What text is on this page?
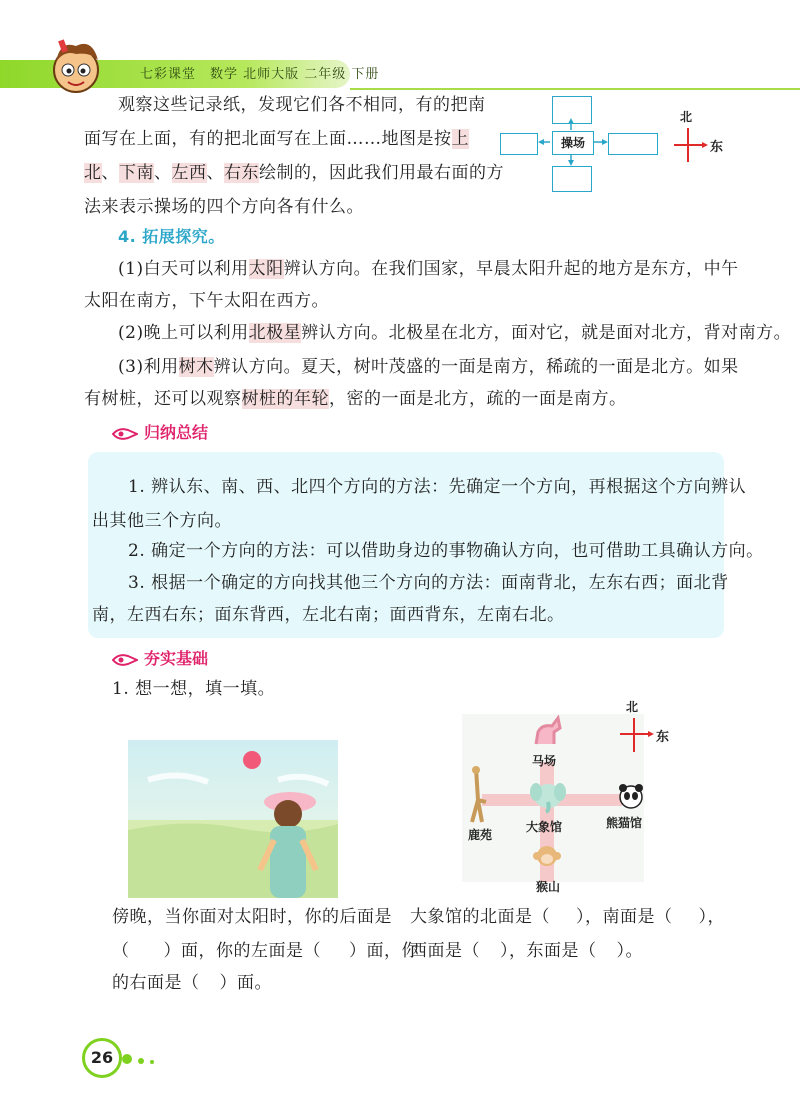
七彩课堂　数学 北师大版 二年级 下册
观察这些记录纸，发现它们各不相同，有的把南
面写在上面，有的把北面写在上面……地图是按上
北、下南、左西、右东绘制的，因此我们用最右面的方
法来表示操场的四个方向各有什么。
操场
北
东
4. 拓展探究。
(1)白天可以利用太阳辨认方向。在我们国家，早晨太阳升起的地方是东方，中午
太阳在南方，下午太阳在西方。
(2)晚上可以利用北极星辨认方向。北极星在北方，面对它，就是面对北方，背对南方。
(3)利用树木辨认方向。夏天，树叶茂盛的一面是南方，稀疏的一面是北方。如果
有树桩，还可以观察树桩的年轮，密的一面是北方，疏的一面是南方。
归纳总结
1. 辨认东、南、西、北四个方向的方法：先确定一个方向，再根据这个方向辨认
出其他三个方向。
2. 确定一个方向的方法：可以借助身边的事物确认方向，也可借助工具确认方向。
3. 根据一个确定的方向找其他三个方向的方法：面南背北，左东右西；面北背
南，左西右东；面东背西，左北右南；面西背东，左南右北。
夯实基础
1. 想一想，填一填。
马场
大象馆
鹿苑
熊猫馆
猴山
北
东
傍晚，当你面对太阳时，你的后面是
（ ）面，你的左面是（ ）面，你
的右面是（ ）面。
大象馆的北面是（ ），南面是（ ），
西面是（ ），东面是（ ）。
26
